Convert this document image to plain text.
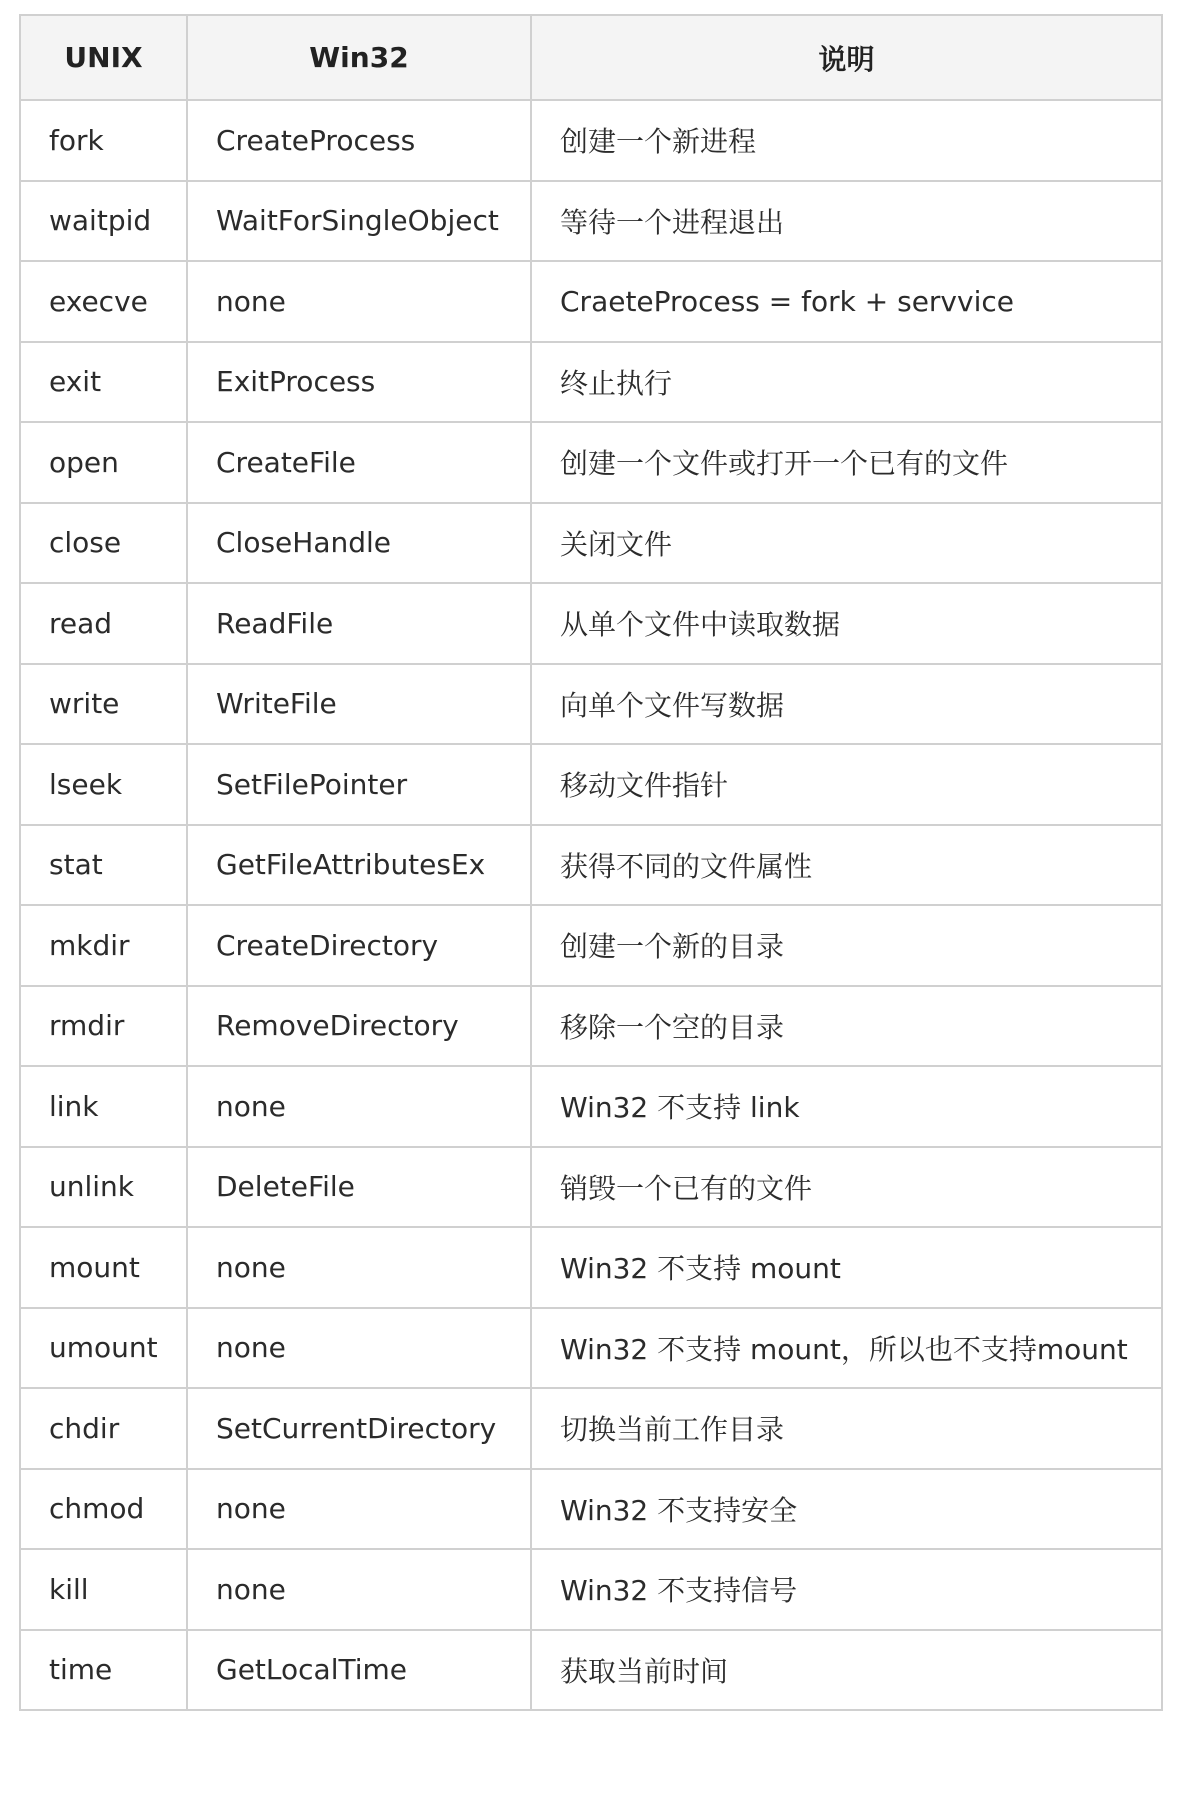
UNIX	Win32	说明
fork	CreateProcess	创建一个新进程
waitpid	WaitForSingleObject	等待一个进程退出
execve	none	CraeteProcess = fork + servvice
exit	ExitProcess	终止执行
open	CreateFile	创建一个文件或打开一个已有的文件
close	CloseHandle	关闭文件
read	ReadFile	从单个文件中读取数据
write	WriteFile	向单个文件写数据
lseek	SetFilePointer	移动文件指针
stat	GetFileAttributesEx	获得不同的文件属性
mkdir	CreateDirectory	创建一个新的目录
rmdir	RemoveDirectory	移除一个空的目录
link	none	Win32 不支持 link
unlink	DeleteFile	销毁一个已有的文件
mount	none	Win32 不支持 mount
umount	none	Win32 不支持 mount，所以也不支持mount
chdir	SetCurrentDirectory	切换当前工作目录
chmod	none	Win32 不支持安全
kill	none	Win32 不支持信号
time	GetLocalTime	获取当前时间
